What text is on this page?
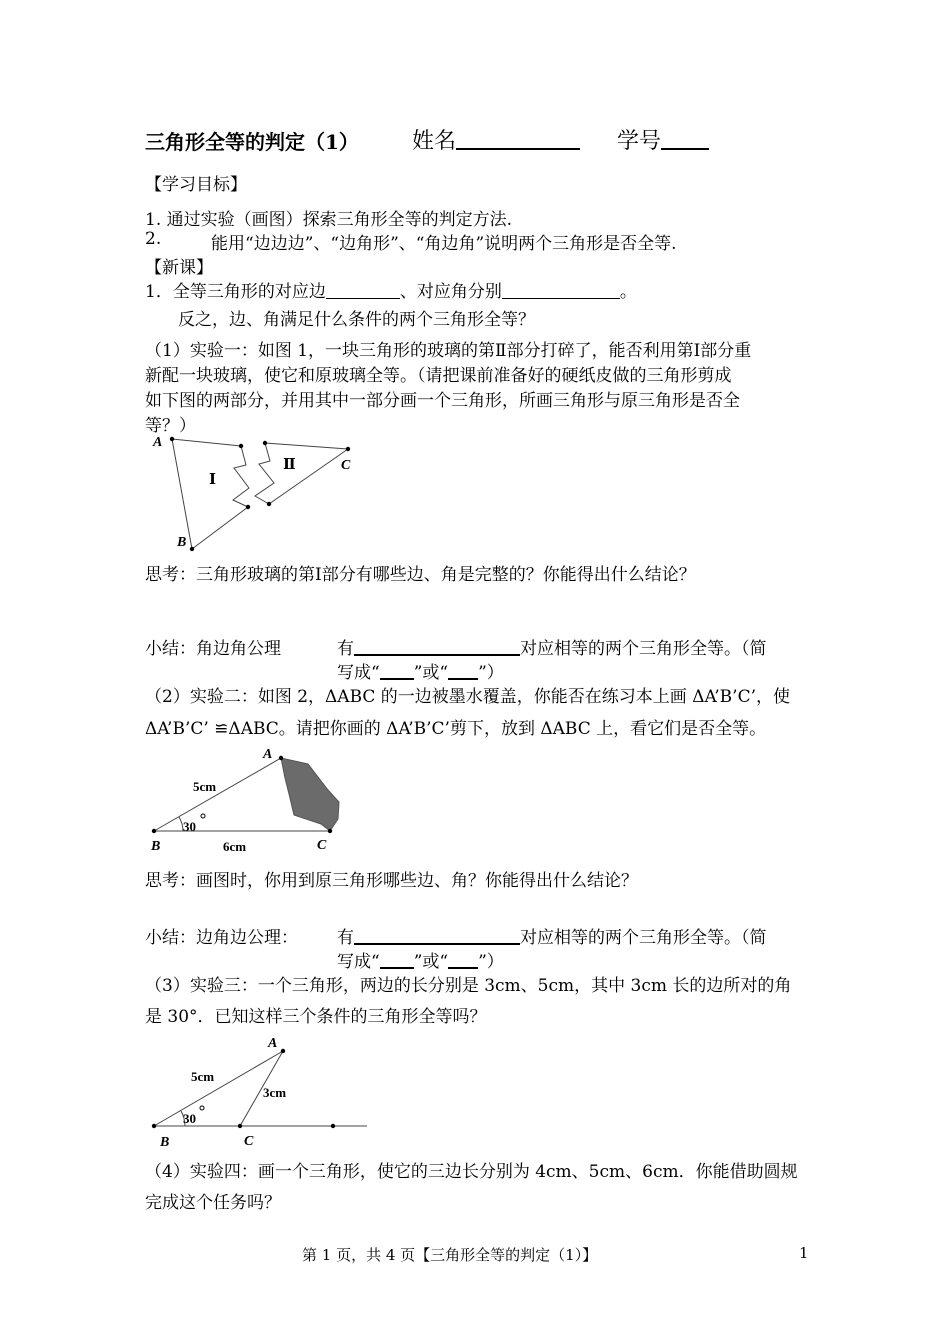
三角形全等的判定（1） 姓名	学号
【学习目标】
1. 通过实验（画图）探索三角形全等的判定方法.
2.	能用“边边边”、“边角形”、“角边角”说明两个三角形是否全等.
【新课】
1．全等三角形的对应边	、对应角分别	。
反之，边、角满足什么条件的两个三角形全等？
（1）实验一：如图 1，一块三角形的玻璃的第Ⅱ部分打碎了，能否利用第Ⅰ部分重
新配一块玻璃，使它和原玻璃全等。（请把课前准备好的硬纸皮做的三角形剪成
如下图的两部分，并用其中一部分画一个三角形，所画三角形与原三角形是否全
等？）
A
B
C
Ⅰ
Ⅱ
思考：三角形玻璃的第Ⅰ部分有哪些边、角是完整的？你能得出什么结论？
小结：角边角公理	有	对应相等的两个三角形全等。（简
写成“ ”或“ ”）
（2）实验二：如图 2，ΔABC 的一边被墨水覆盖，你能否在练习本上画 ΔA’B’C’，使
ΔA’B’C’ ≌ΔABC。请把你画的 ΔA’B’C’剪下，放到 ΔABC 上，看它们是否全等。
A
B	C
5cm
6cm
30
思考：画图时，你用到原三角形哪些边、角？你能得出什么结论？
小结：边角边公理： 有	对应相等的两个三角形全等。（简
写成“ ”或“ ”）
（3）实验三：一个三角形，两边的长分别是 3cm、5cm，其中 3cm 长的边所对的角
是 30°．已知这样三个条件的三角形全等吗？
A
B	C
5cm
3cm
30
（4）实验四：画一个三角形，使它的三边长分别为 4cm、5cm、6cm．你能借助圆规
完成这个任务吗？
第 1 页，共 4 页【三角形全等的判定（1）】	1
